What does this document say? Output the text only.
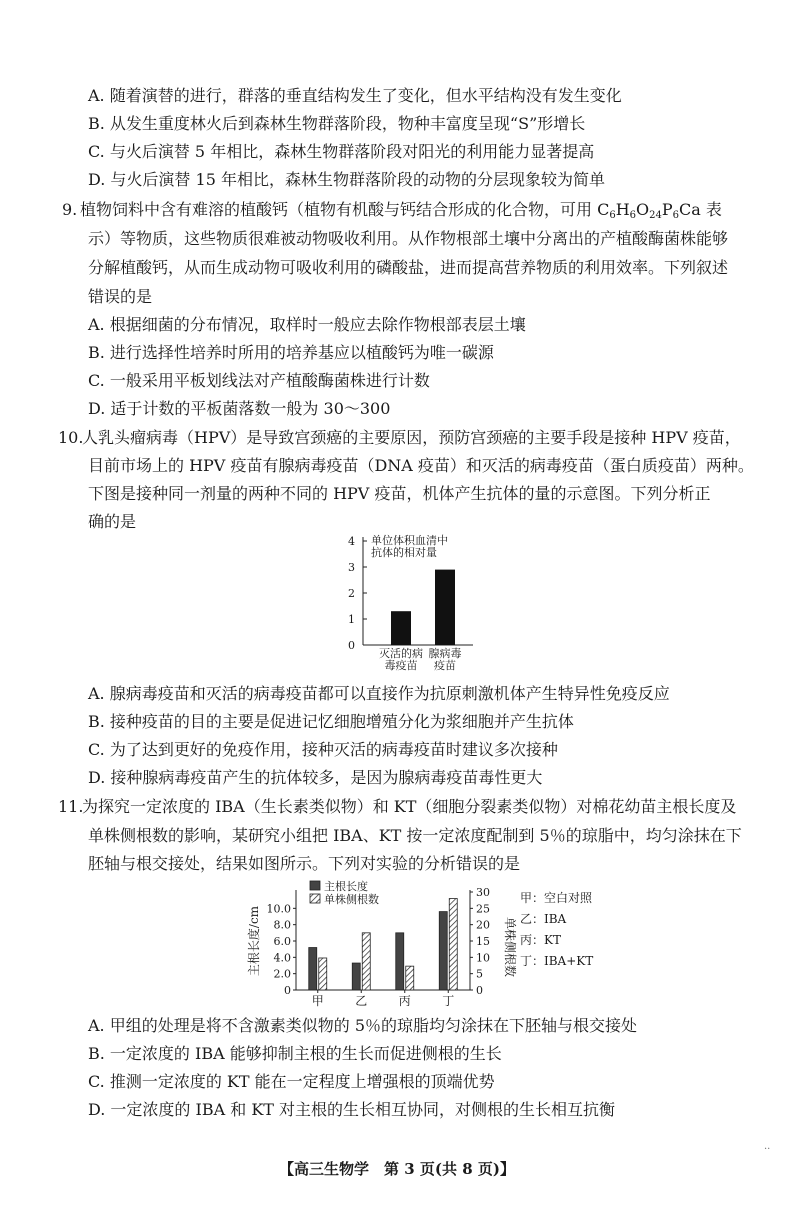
A. 随着演替的进行，群落的垂直结构发生了变化，但水平结构没有发生变化
B. 从发生重度林火后到森林生物群落阶段，物种丰富度呈现“S”形增长
C. 与火后演替 5 年相比，森林生物群落阶段对阳光的利用能力显著提高
D. 与火后演替 15 年相比，森林生物群落阶段的动物的分层现象较为简单
9. 植物饲料中含有难溶的植酸钙（植物有机酸与钙结合形成的化合物，可用 $C_6H_6O_{24}P_6Ca$ 表
示）等物质，这些物质很难被动物吸收利用。从作物根部土壤中分离出的产植酸酶菌株能够
分解植酸钙，从而生成动物可吸收利用的磷酸盐，进而提高营养物质的利用效率。下列叙述
错误的是
A. 根据细菌的分布情况，取样时一般应去除作物根部表层土壤
B. 进行选择性培养时所用的培养基应以植酸钙为唯一碳源
C. 一般采用平板划线法对产植酸酶菌株进行计数
D. 适于计数的平板菌落数一般为 30～300
10.
人乳头瘤病毒（HPV）是导致宫颈癌的主要原因，预防宫颈癌的主要手段是接种 HPV 疫苗，
目前市场上的 HPV 疫苗有腺病毒疫苗（DNA 疫苗）和灭活的病毒疫苗（蛋白质疫苗）两种。
下图是接种同一剂量的两种不同的 HPV 疫苗，机体产生抗体的量的示意图。下列分析正
确的是
0
1
2
3
4 单位体积血清中
抗体的相对量
灭活的病
毒疫苗
腺病毒
疫苗
A. 腺病毒疫苗和灭活的病毒疫苗都可以直接作为抗原刺激机体产生特异性免疫反应
B. 接种疫苗的目的主要是促进记忆细胞增殖分化为浆细胞并产生抗体
C. 为了达到更好的免疫作用，接种灭活的病毒疫苗时建议多次接种
D. 接种腺病毒疫苗产生的抗体较多，是因为腺病毒疫苗毒性更大
11.
为探究一定浓度的 IBA（生长素类似物）和 KT（细胞分裂素类似物）对棉花幼苗主根长度及
单株侧根数的影响，某研究小组把 IBA、KT 按一定浓度配制到 5％的琼脂中，均匀涂抹在下
胚轴与根交接处，结果如图所示。下列对实验的分析错误的是
0
2.0
4.0
6.0
8.0
10.0
0
5
10
15
20
25
30
主根长度/cm	单株侧根数
甲	乙	丙	丁
主根长度
单株侧根数	甲：空白对照
乙：IBA
丙：KT
丁：IBA+KT
A. 甲组的处理是将不含激素类似物的 5％的琼脂均匀涂抹在下胚轴与根交接处
B. 一定浓度的 IBA 能够抑制主根的生长而促进侧根的生长
C. 推测一定浓度的 KT 能在一定程度上增强根的顶端优势
D. 一定浓度的 IBA 和 KT 对主根的生长相互协同，对侧根的生长相互抗衡
【高三生物学　第 3 页(共 8 页)】
··
